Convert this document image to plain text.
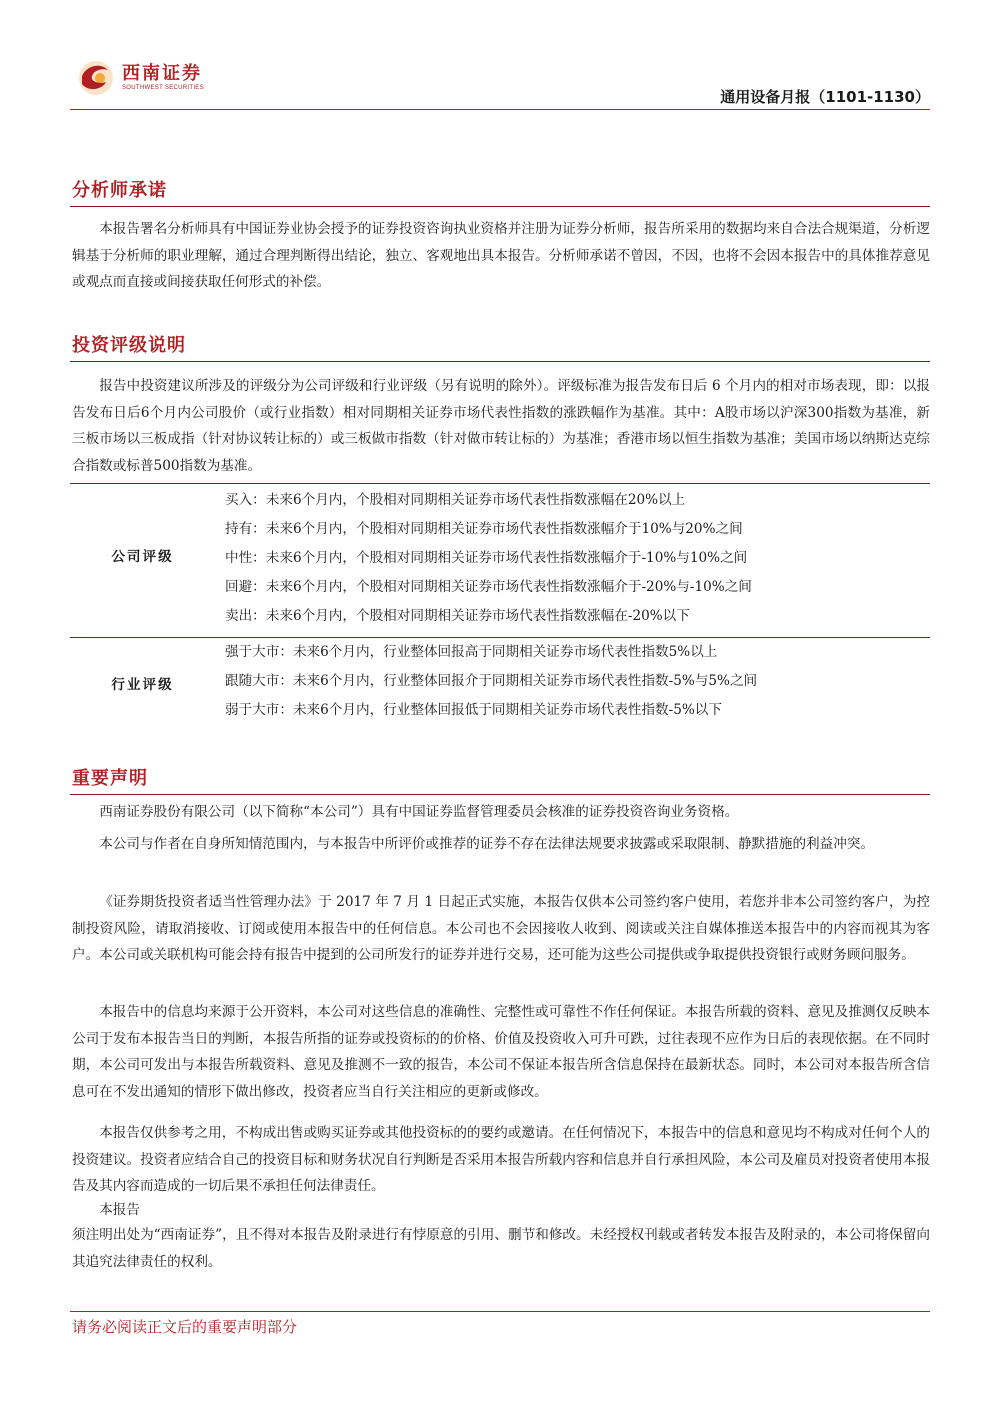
西南证券
SOUTHWEST SECURITIES	通用设备月报（1101-1130）
分析师承诺
本报告署名分析师具有中国证券业协会授予的证券投资咨询执业资格并注册为证券分析师，报告所采用的数据均来自合法合规渠道，分析逻辑基于分析师的职业理解，通过合理判断得出结论，独立、客观地出具本报告。分析师承诺不曾因，不因，也将不会因本报告中的具体推荐意见或观点而直接或间接获取任何形式的补偿。
投资评级说明
报告中投资建议所涉及的评级分为公司评级和行业评级（另有说明的除外）。评级标准为报告发布日后 6 个月内的相对市场表现，即：以报告发布日后6个月内公司股价（或行业指数）相对同期相关证券市场代表性指数的涨跌幅作为基准。其中：A股市场以沪深300指数为基准，新三板市场以三板成指（针对协议转让标的）或三板做市指数（针对做市转让标的）为基准；香港市场以恒生指数为基准；美国市场以纳斯达克综合指数或标普500指数为基准。
公司评级
买入：未来6个月内，个股相对同期相关证券市场代表性指数涨幅在20%以上
持有：未来6个月内，个股相对同期相关证券市场代表性指数涨幅介于10%与20%之间
中性：未来6个月内，个股相对同期相关证券市场代表性指数涨幅介于-10%与10%之间
回避：未来6个月内，个股相对同期相关证券市场代表性指数涨幅介于-20%与-10%之间
卖出：未来6个月内，个股相对同期相关证券市场代表性指数涨幅在-20%以下
行业评级
强于大市：未来6个月内，行业整体回报高于同期相关证券市场代表性指数5%以上
跟随大市：未来6个月内，行业整体回报介于同期相关证券市场代表性指数-5%与5%之间
弱于大市：未来6个月内，行业整体回报低于同期相关证券市场代表性指数-5%以下
重要声明
西南证券股份有限公司（以下简称“本公司”）具有中国证券监督管理委员会核准的证券投资咨询业务资格。
本公司与作者在自身所知情范围内，与本报告中所评价或推荐的证券不存在法律法规要求披露或采取限制、静默措施的利益冲突。
《证券期货投资者适当性管理办法》于 2017 年 7 月 1 日起正式实施，本报告仅供本公司签约客户使用，若您并非本公司签约客户，为控制投资风险，请取消接收、订阅或使用本报告中的任何信息。本公司也不会因接收人收到、阅读或关注自媒体推送本报告中的内容而视其为客户。本公司或关联机构可能会持有报告中提到的公司所发行的证券并进行交易，还可能为这些公司提供或争取提供投资银行或财务顾问服务。
本报告中的信息均来源于公开资料，本公司对这些信息的准确性、完整性或可靠性不作任何保证。本报告所载的资料、意见及推测仅反映本公司于发布本报告当日的判断，本报告所指的证券或投资标的的价格、价值及投资收入可升可跌，过往表现不应作为日后的表现依据。在不同时期，本公司可发出与本报告所载资料、意见及推测不一致的报告，本公司不保证本报告所含信息保持在最新状态。同时，本公司对本报告所含信息可在不发出通知的情形下做出修改，投资者应当自行关注相应的更新或修改。
本报告仅供参考之用，不构成出售或购买证券或其他投资标的的要约或邀请。在任何情况下，本报告中的信息和意见均不构成对任何个人的投资建议。投资者应结合自己的投资目标和财务状况自行判断是否采用本报告所载内容和信息并自行承担风险，本公司及雇员对投资者使用本报告及其内容而造成的一切后果不承担任何法律责任。
本报告
须注明出处为“西南证券”，且不得对本报告及附录进行有悖原意的引用、删节和修改。未经授权刊载或者转发本报告及附录的，本公司将保留向其追究法律责任的权利。
请务必阅读正文后的重要声明部分
